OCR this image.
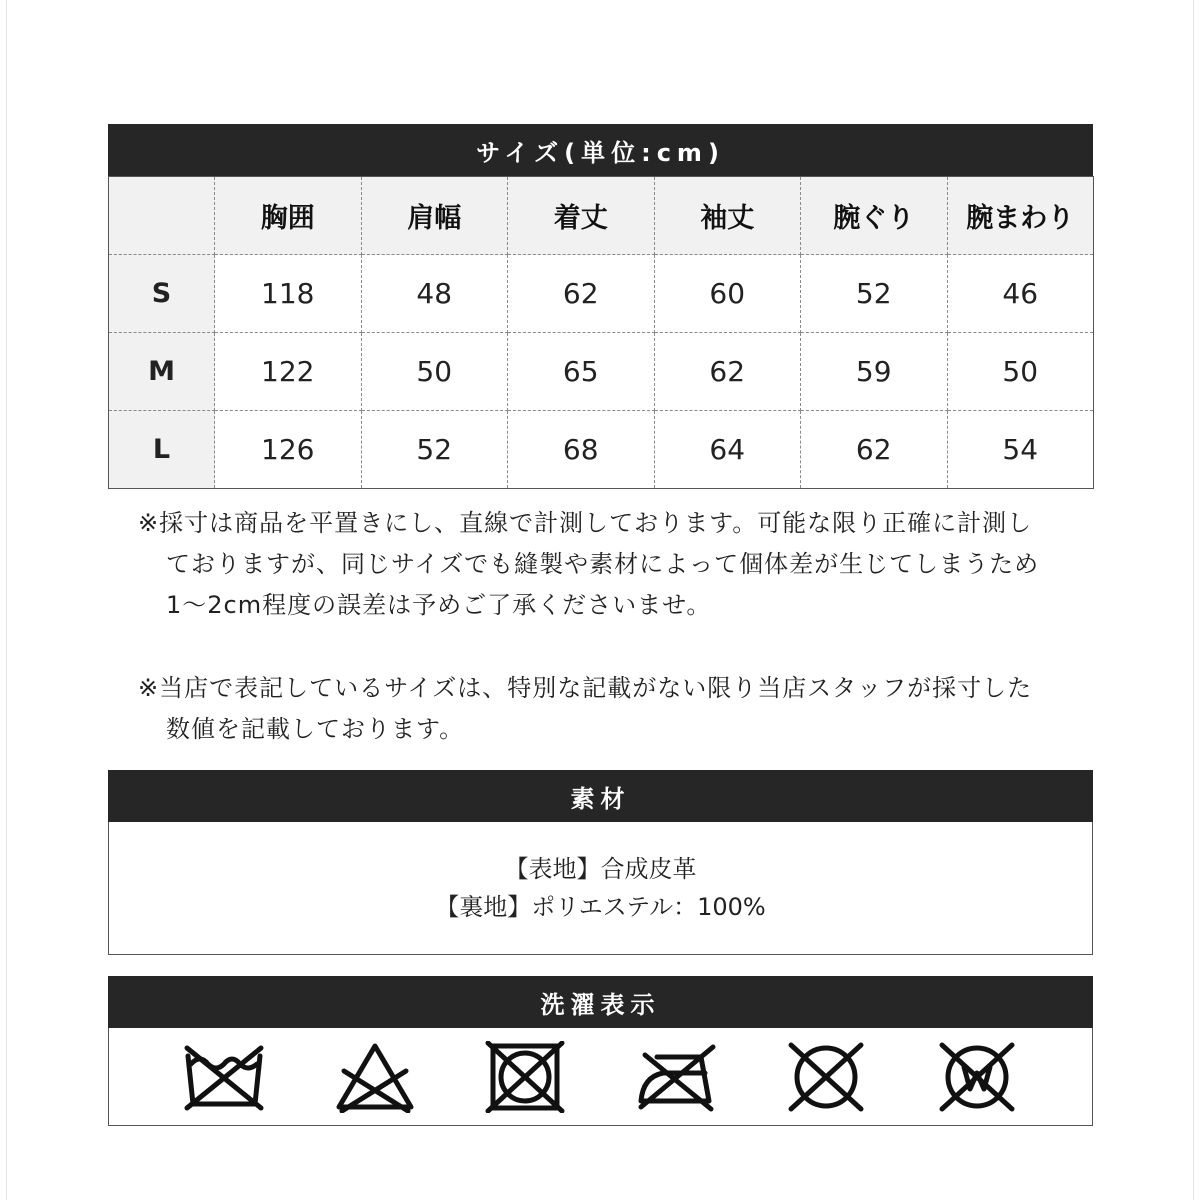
サイズ(単位:cm)
	胸囲	肩幅	着丈	袖丈	腕ぐり	腕まわり
S	118	48	62	60	52	46
M	122	50	65	62	59	50
L	126	52	68	64	62	54
※採寸は商品を平置きにし、直線で計測しております。可能な限り正確に計測し
ておりますが、同じサイズでも縫製や素材によって個体差が生じてしまうため
1～2cm程度の誤差は予めご了承くださいませ。
※当店で表記しているサイズは、特別な記載がない限り当店スタッフが採寸した
数値を記載しております。
素材
【表地】合成皮革
【裏地】ポリエステル：100%
洗濯表示
